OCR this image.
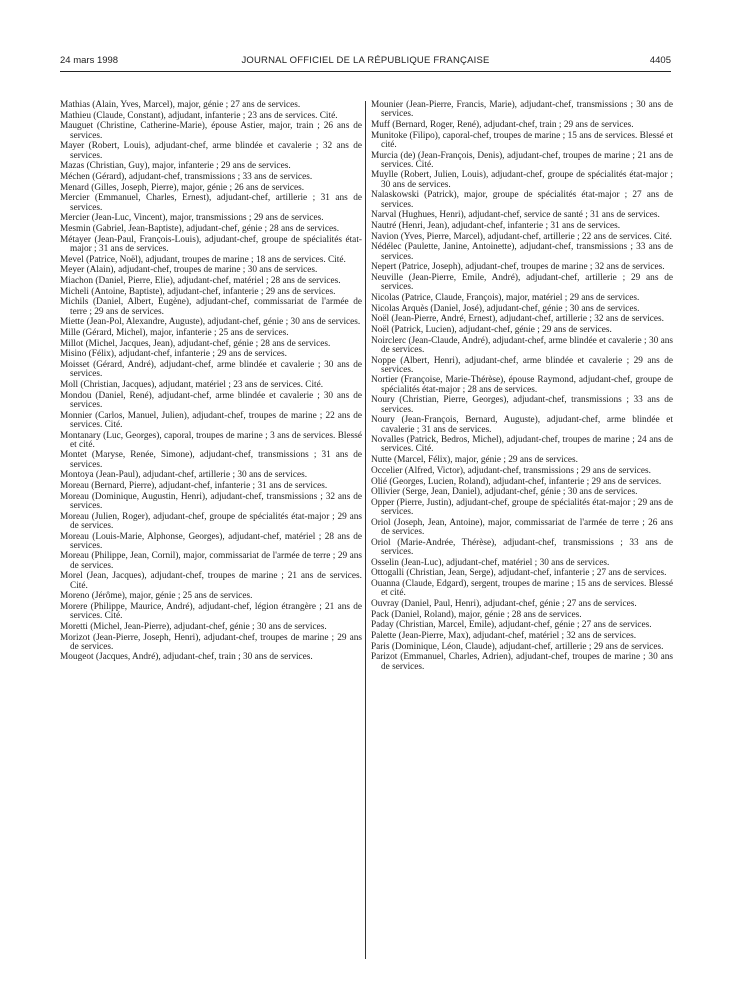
24 mars 1998	JOURNAL OFFICIEL DE LA RÉPUBLIQUE FRANÇAISE	4405

Mathias (Alain, Yves, Marcel), major, génie ; 27 ans de services.

Mathieu (Claude, Constant), adjudant, infanterie ; 23 ans de services. Cité.

Mauguet (Christine, Catherine-Marie), épouse Astier, major, train ; 26 ans de services.

Mayer (Robert, Louis), adjudant-chef, arme blindée et cavalerie ; 32 ans de services.

Mazas (Christian, Guy), major, infanterie ; 29 ans de services.

Méchen (Gérard), adjudant-chef, transmissions ; 33 ans de services.

Menard (Gilles, Joseph, Pierre), major, génie ; 26 ans de services.

Mercier (Emmanuel, Charles, Ernest), adjudant-chef, artillerie ; 31 ans de services.

Mercier (Jean-Luc, Vincent), major, transmissions ; 29 ans de services.

Mesmin (Gabriel, Jean-Baptiste), adjudant-chef, génie ; 28 ans de services.

Métayer (Jean-Paul, François-Louis), adjudant-chef, groupe de spécialités état-major ; 31 ans de services.

Mevel (Patrice, Noël), adjudant, troupes de marine ; 18 ans de services. Cité.

Meyer (Alain), adjudant-chef, troupes de marine ; 30 ans de services.

Miachon (Daniel, Pierre, Elie), adjudant-chef, matériel ; 28 ans de services.

Micheli (Antoine, Baptiste), adjudant-chef, infanterie ; 29 ans de services.

Michils (Daniel, Albert, Eugène), adjudant-chef, commissariat de l'armée de terre ; 29 ans de services.

Miette (Jean-Pol, Alexandre, Auguste), adjudant-chef, génie ; 30 ans de services.

Mille (Gérard, Michel), major, infanterie ; 25 ans de services.

Millot (Michel, Jacques, Jean), adjudant-chef, génie ; 28 ans de services.

Misino (Félix), adjudant-chef, infanterie ; 29 ans de services.

Moisset (Gérard, André), adjudant-chef, arme blindée et cavalerie ; 30 ans de services.

Moll (Christian, Jacques), adjudant, matériel ; 23 ans de services. Cité.

Mondou (Daniel, René), adjudant-chef, arme blindée et cavalerie ; 30 ans de services.

Monnier (Carlos, Manuel, Julien), adjudant-chef, troupes de marine ; 22 ans de services. Cité.

Montanary (Luc, Georges), caporal, troupes de marine ; 3 ans de services. Blessé et cité.

Montet (Maryse, Renée, Simone), adjudant-chef, transmissions ; 31 ans de services.

Montoya (Jean-Paul), adjudant-chef, artillerie ; 30 ans de services.

Moreau (Bernard, Pierre), adjudant-chef, infanterie ; 31 ans de services.

Moreau (Dominique, Augustin, Henri), adjudant-chef, transmissions ; 32 ans de services.

Moreau (Julien, Roger), adjudant-chef, groupe de spécialités état-major ; 29 ans de services.

Moreau (Louis-Marie, Alphonse, Georges), adjudant-chef, matériel ; 28 ans de services.

Moreau (Philippe, Jean, Cornil), major, commissariat de l'armée de terre ; 29 ans de services.

Morel (Jean, Jacques), adjudant-chef, troupes de marine ; 21 ans de services. Cité.

Moreno (Jérôme), major, génie ; 25 ans de services.

Morere (Philippe, Maurice, André), adjudant-chef, légion étrangère ; 21 ans de services. Cité.

Moretti (Michel, Jean-Pierre), adjudant-chef, génie ; 30 ans de services.

Morizot (Jean-Pierre, Joseph, Henri), adjudant-chef, troupes de marine ; 29 ans de services.

Mougeot (Jacques, André), adjudant-chef, train ; 30 ans de services.

Mounier (Jean-Pierre, Francis, Marie), adjudant-chef, transmissions ; 30 ans de services.

Muff (Bernard, Roger, René), adjudant-chef, train ; 29 ans de services.

Munitoke (Filipo), caporal-chef, troupes de marine ; 15 ans de services. Blessé et cité.

Murcia (de) (Jean-François, Denis), adjudant-chef, troupes de marine ; 21 ans de services. Cité.

Muylle (Robert, Julien, Louis), adjudant-chef, groupe de spécialités état-major ; 30 ans de services.

Nalaskowski (Patrick), major, groupe de spécialités état-major ; 27 ans de services.

Narval (Hughues, Henri), adjudant-chef, service de santé ; 31 ans de services.

Nautré (Henri, Jean), adjudant-chef, infanterie ; 31 ans de services.

Navion (Yves, Pierre, Marcel), adjudant-chef, artillerie ; 22 ans de services. Cité.

Nédélec (Paulette, Janine, Antoinette), adjudant-chef, transmissions ; 33 ans de services.

Nepert (Patrice, Joseph), adjudant-chef, troupes de marine ; 32 ans de services.

Neuville (Jean-Pierre, Emile, André), adjudant-chef, artillerie ; 29 ans de services.

Nicolas (Patrice, Claude, François), major, matériel ; 29 ans de services.

Nicolas Arquès (Daniel, José), adjudant-chef, génie ; 30 ans de services.

Noël (Jean-Pierre, André, Ernest), adjudant-chef, artillerie ; 32 ans de services.

Noël (Patrick, Lucien), adjudant-chef, génie ; 29 ans de services.

Noirclerc (Jean-Claude, André), adjudant-chef, arme blindée et cavalerie ; 30 ans de services.

Noppe (Albert, Henri), adjudant-chef, arme blindée et cavalerie ; 29 ans de services.

Nortier (Françoise, Marie-Thérèse), épouse Raymond, adjudant-chef, groupe de spécialités état-major ; 28 ans de services.

Noury (Christian, Pierre, Georges), adjudant-chef, transmissions ; 33 ans de services.

Noury (Jean-François, Bernard, Auguste), adjudant-chef, arme blindée et cavalerie ; 31 ans de services.

Novalles (Patrick, Bedros, Michel), adjudant-chef, troupes de marine ; 24 ans de services. Cité.

Nutte (Marcel, Félix), major, génie ; 29 ans de services.

Occelier (Alfred, Victor), adjudant-chef, transmissions ; 29 ans de services.

Olié (Georges, Lucien, Roland), adjudant-chef, infanterie ; 29 ans de services.

Ollivier (Serge, Jean, Daniel), adjudant-chef, génie ; 30 ans de services.

Opper (Pierre, Justin), adjudant-chef, groupe de spécialités état-major ; 29 ans de services.

Oriol (Joseph, Jean, Antoine), major, commissariat de l'armée de terre ; 26 ans de services.

Oriol (Marie-Andrée, Thérèse), adjudant-chef, transmissions ; 33 ans de services.

Osselin (Jean-Luc), adjudant-chef, matériel ; 30 ans de services.

Ottogalli (Christian, Jean, Serge), adjudant-chef, infanterie ; 27 ans de services.

Ouanna (Claude, Edgard), sergent, troupes de marine ; 15 ans de services. Blessé et cité.

Ouvray (Daniel, Paul, Henri), adjudant-chef, génie ; 27 ans de services.

Pack (Daniel, Roland), major, génie ; 28 ans de services.

Paday (Christian, Marcel, Emile), adjudant-chef, génie ; 27 ans de services.

Palette (Jean-Pierre, Max), adjudant-chef, matériel ; 32 ans de services.

Paris (Dominique, Léon, Claude), adjudant-chef, artillerie ; 29 ans de services.

Parizot (Emmanuel, Charles, Adrien), adjudant-chef, troupes de marine ; 30 ans de services.
